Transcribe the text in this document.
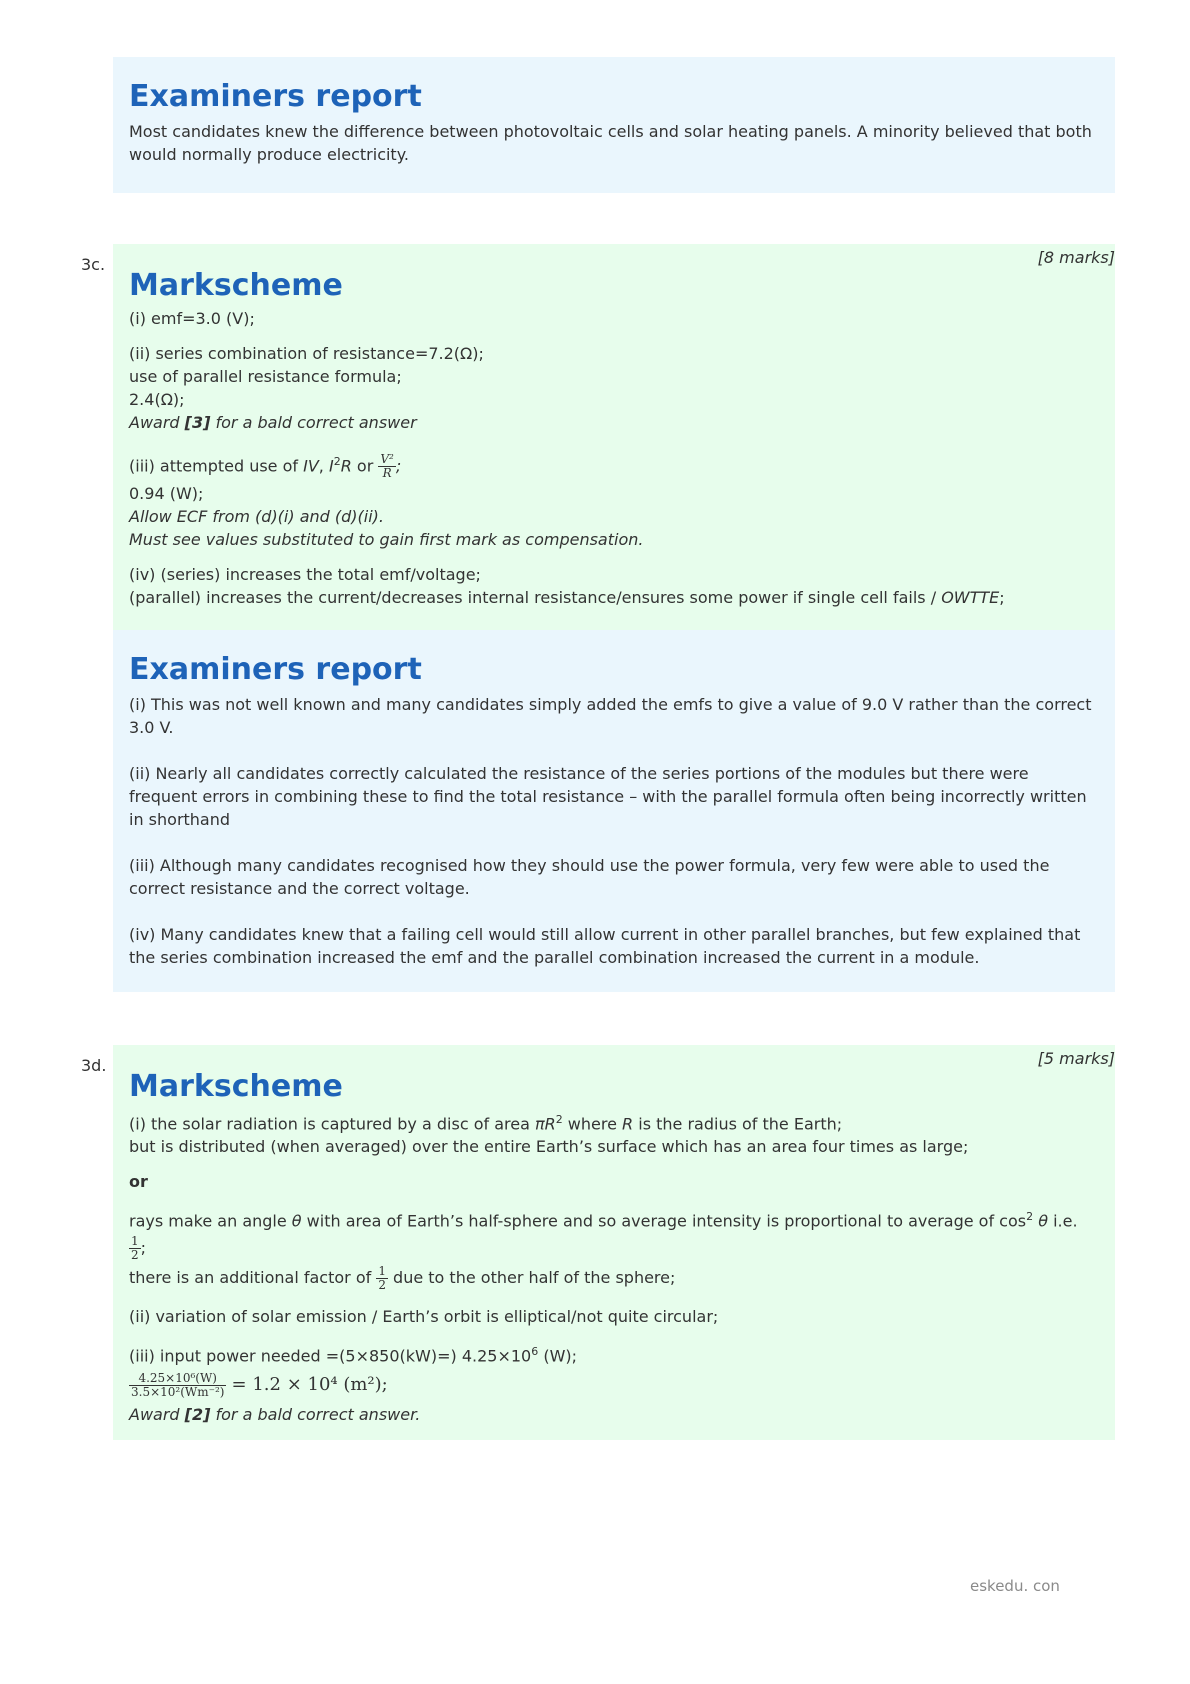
Examiners report

Most candidates knew the difference between photovoltaic cells and solar heating panels. A minority believed that both would normally produce electricity.

3c.	[8 marks]
Markscheme

(i) emf=3.0 (V);

(ii) series combination of resistance=7.2(Ω);

use of parallel resistance formula;

2.4(Ω);

Award [3] for a bald correct answer

(iii) attempted use of IV, $I^2R$ or $\frac{\text{V²}}{R}$ ;

0.94 (W);

Allow ECF from (d)(i) and (d)(ii).

Must see values substituted to gain first mark as compensation.

(iv) (series) increases the total emf/voltage;

(parallel) increases the current/decreases internal resistance/ensures some power if single cell fails / OWTTE;

Examiners report

(i) This was not well known and many candidates simply added the emfs to give a value of 9.0 V rather than the correct 3.0 V.

(ii) Nearly all candidates correctly calculated the resistance of the series portions of the modules but there were frequent errors in combining these to find the total resistance – with the parallel formula often being incorrectly written in shorthand

(iii) Although many candidates recognised how they should use the power formula, very few were able to used the correct resistance and the correct voltage.

(iv) Many candidates knew that a failing cell would still allow current in other parallel branches, but few explained that the series combination increased the emf and the parallel combination increased the current in a module.

3d.	[5 marks]
Markscheme

(i) the solar radiation is captured by a disc of area $\pi R^2$ where R is the radius of the Earth;

but is distributed (when averaged) over the entire Earth’s surface which has an area four times as large;

or

rays make an angle θ with area of Earth’s half-sphere and so average intensity is proportional to average of $\cos^2 \theta$ i.e.

$\frac{1}{2}$ ;

there is an additional factor of $\frac{1}{2}$ due to the other half of the sphere;

(ii) variation of solar emission / Earth’s orbit is elliptical/not quite circular;

(iii) input power needed =(5×850(kW)=) $4.25\times 10^6$ (W);

$\frac{\text{4.25×10⁶(W)}}{\text{3.5×10²(Wm⁻²)}} = 1.2 \times 10^4$ (m²);

Award [2] for a bald correct answer.

eskedu. con
